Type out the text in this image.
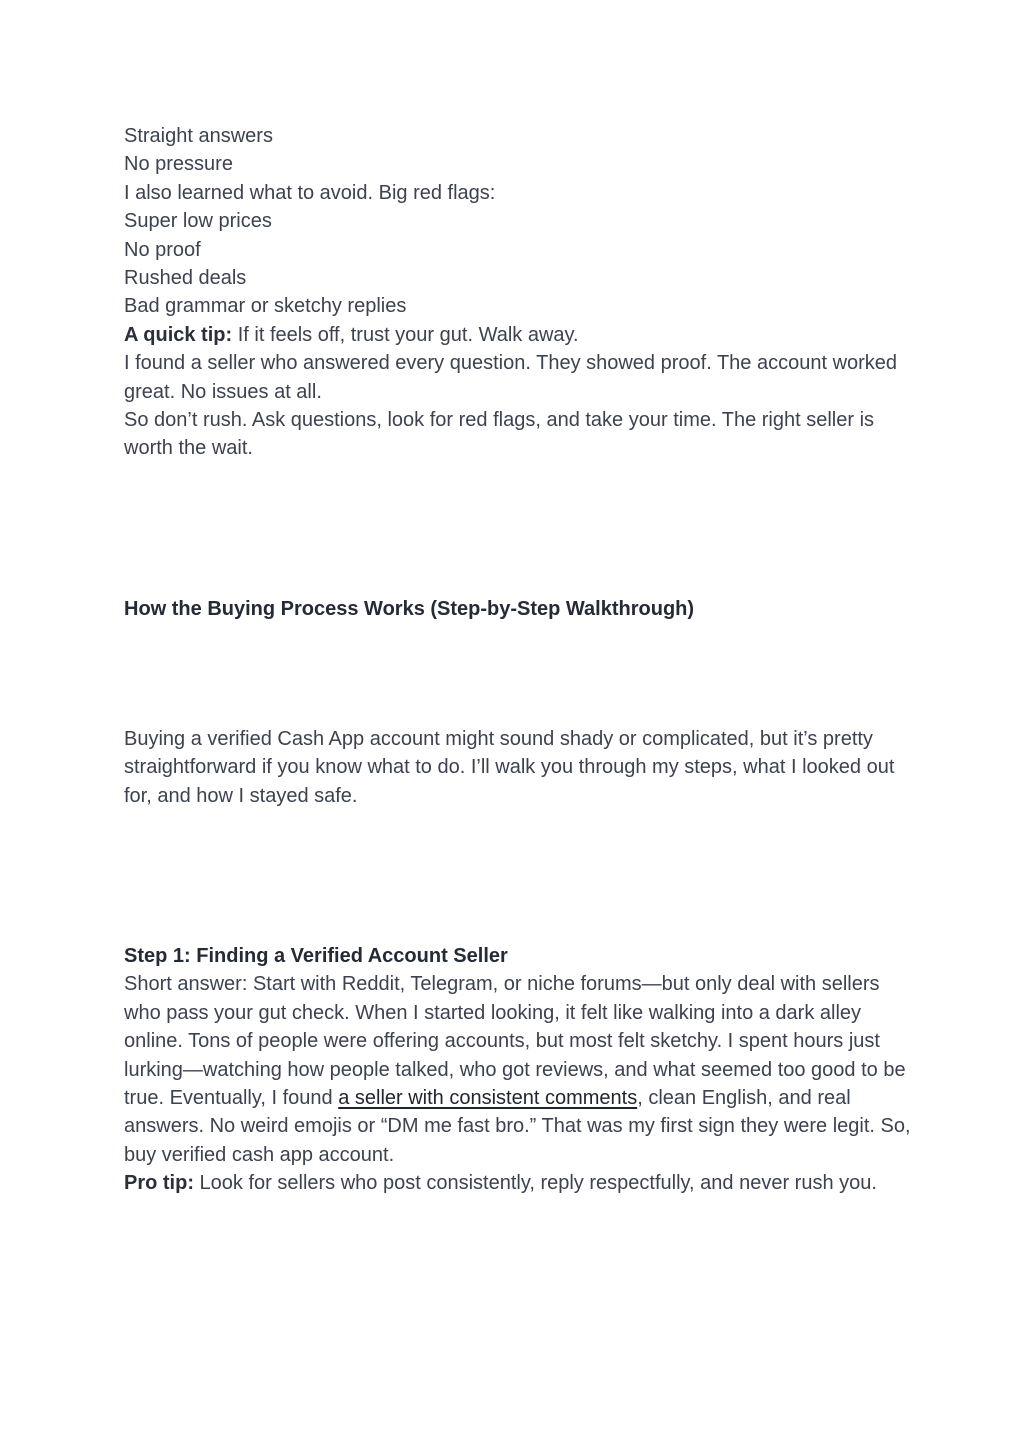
Straight answers

No pressure

I also learned what to avoid. Big red flags:

Super low prices

No proof

Rushed deals

Bad grammar or sketchy replies

A quick tip: If it feels off, trust your gut. Walk away.

I found a seller who answered every question. They showed proof. The account worked great. No issues at all.

So don’t rush. Ask questions, look for red flags, and take your time. The right seller is worth the wait.

How the Buying Process Works (Step-by-Step Walkthrough)

Buying a verified Cash App account might sound shady or complicated, but it’s pretty straightforward if you know what to do. I’ll walk you through my steps, what I looked out for, and how I stayed safe.

Step 1: Finding a Verified Account Seller

Short answer: Start with Reddit, Telegram, or niche forums—but only deal with sellers who pass your gut check. When I started looking, it felt like walking into a dark alley online. Tons of people were offering accounts, but most felt sketchy. I spent hours just lurking—watching how people talked, who got reviews, and what seemed too good to be true. Eventually, I found a seller with consistent comments, clean English, and real answers. No weird emojis or “DM me fast bro.” That was my first sign they were legit. So, buy verified cash app account.

Pro tip: Look for sellers who post consistently, reply respectfully, and never rush you.
